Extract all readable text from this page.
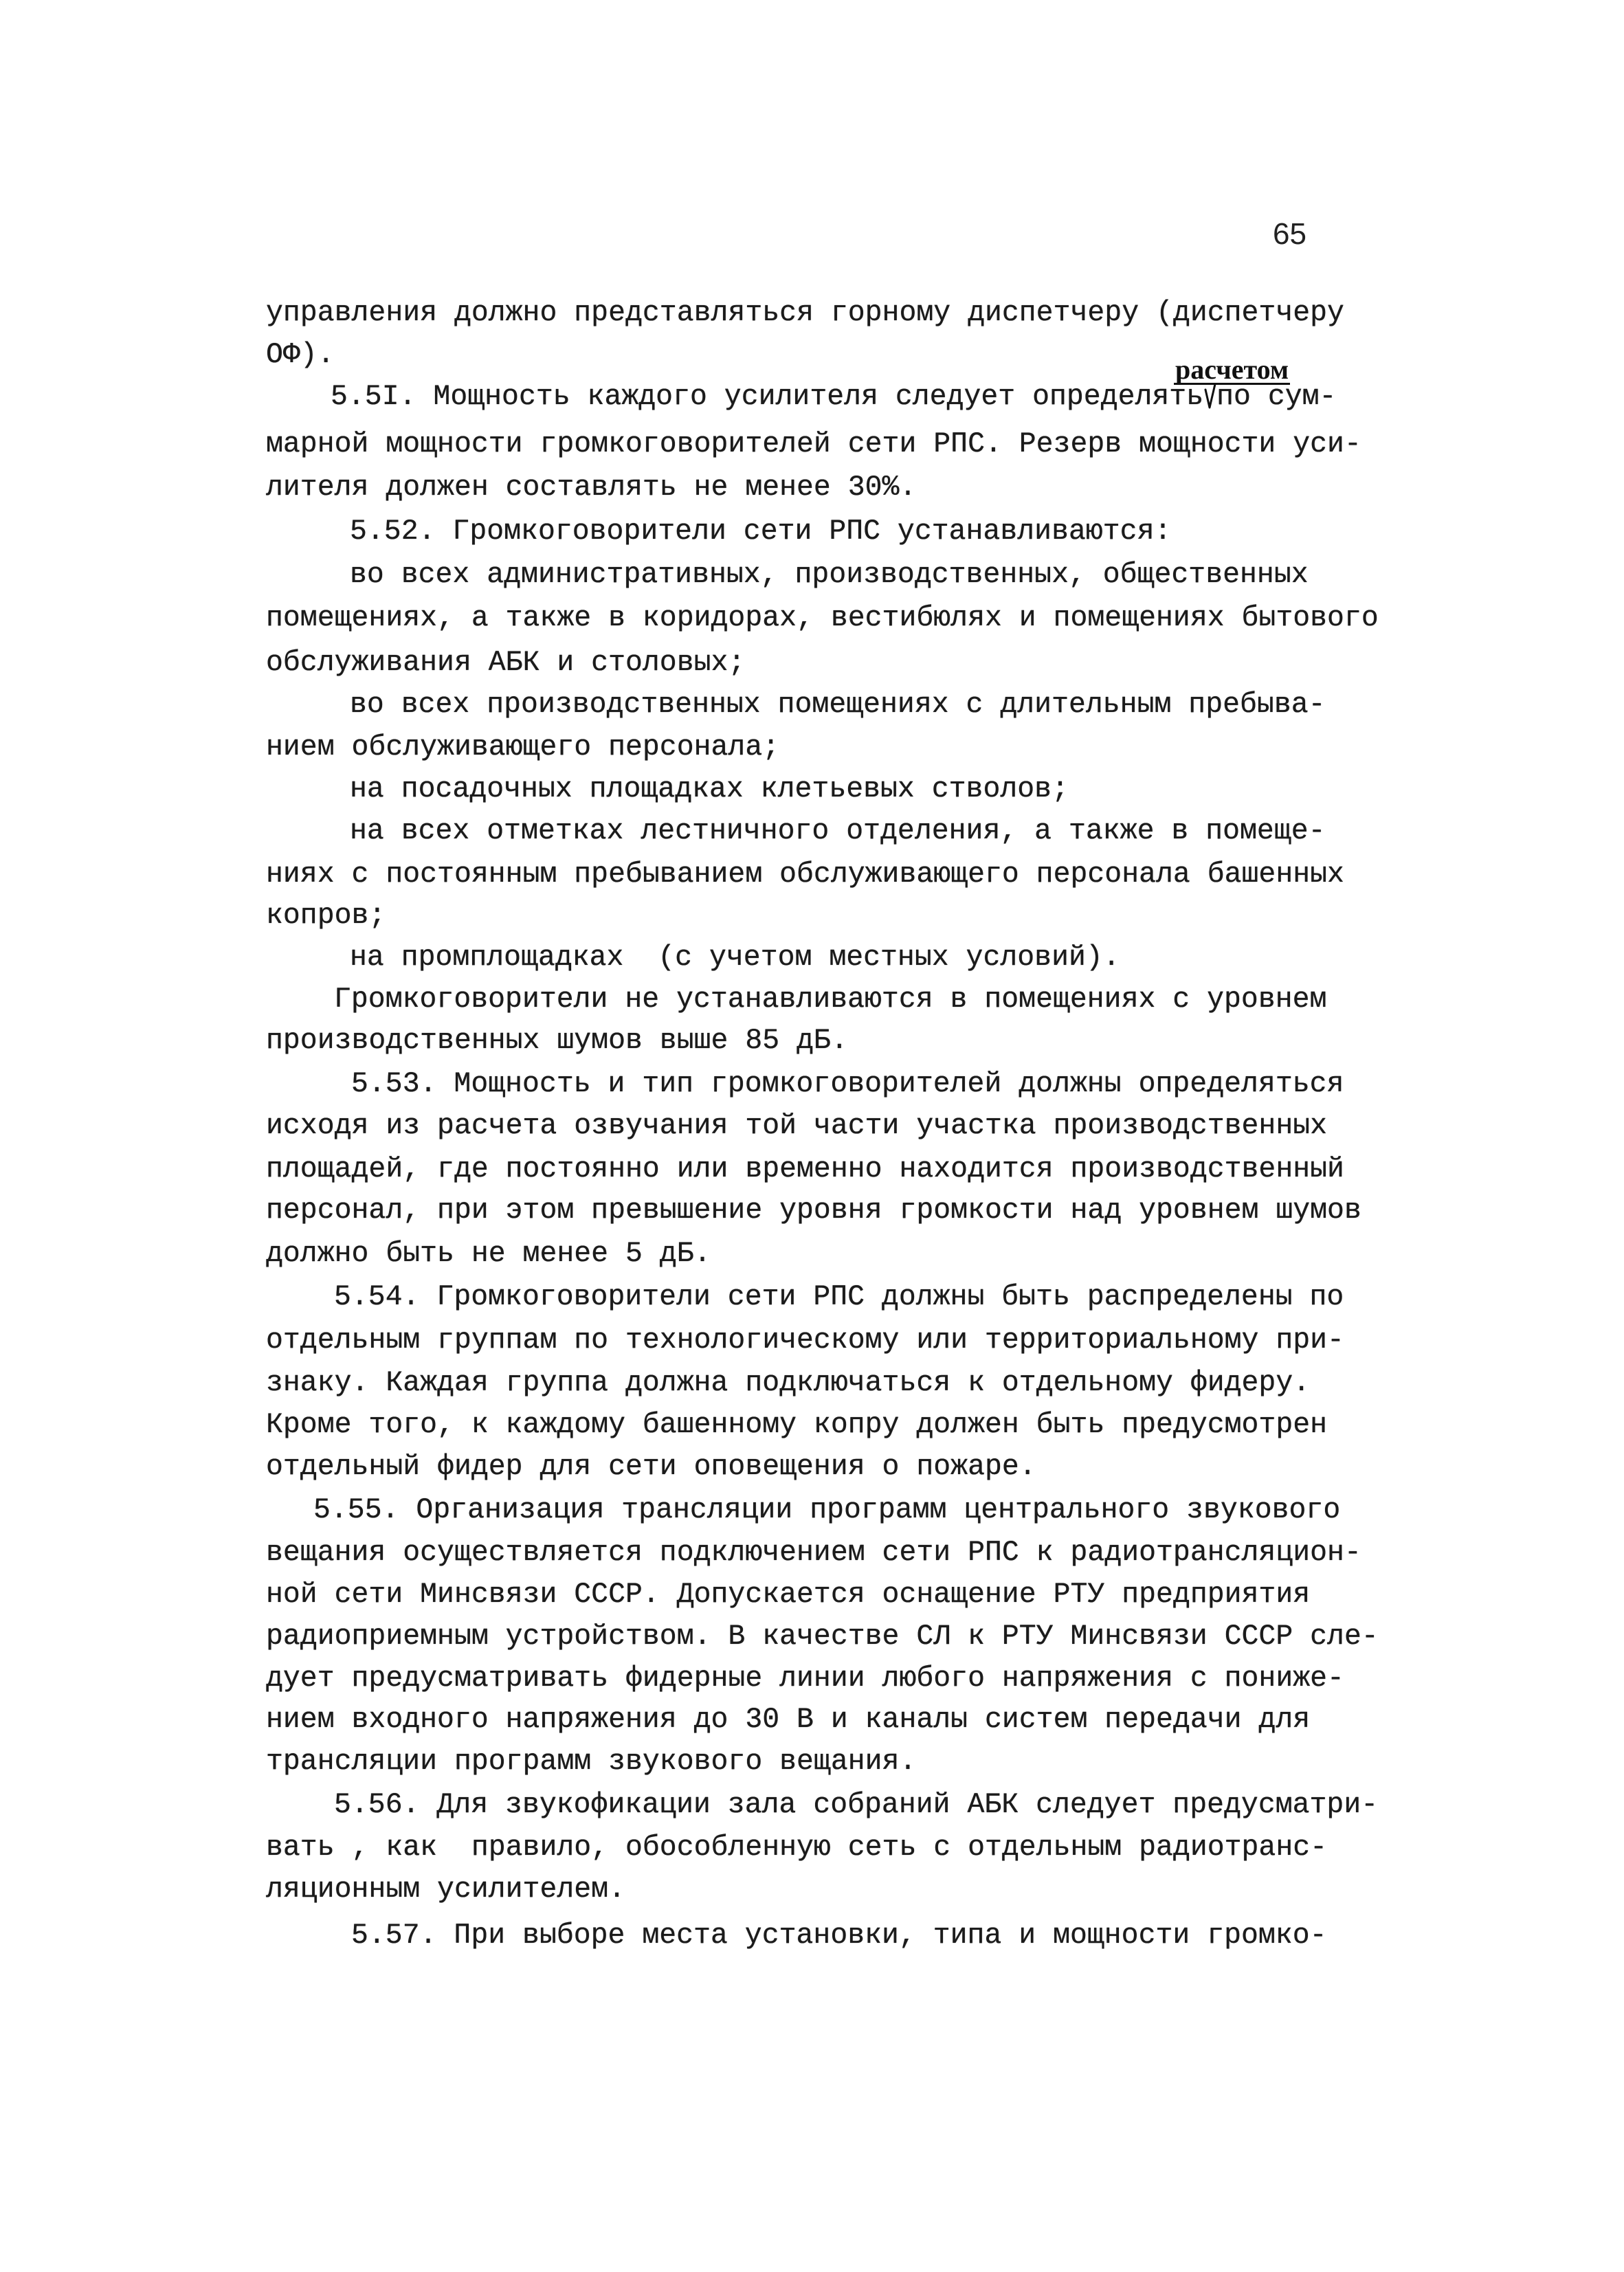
65
расчетом
управления должно представляться горному диспетчеру (диспетчеру
ОФ).
5.5I. Мощность каждого усилителя следует определять по сум-
марной мощности громкоговорителей сети РПС. Резерв мощности уси-
лителя должен составлять не менее 30%.
5.52. Громкоговорители сети РПС устанавливаются:
во всех административных, производственных, общественных
помещениях, а также в коридорах, вестибюлях и помещениях бытового
обслуживания АБК и столовых;
во всех производственных помещениях с длительным пребыва-
нием обслуживающего персонала;
на посадочных площадках клетьевых стволов;
на всех отметках лестничного отделения, а также в помеще-
ниях с постоянным пребыванием обслуживающего персонала башенных
копров;
на промплощадках  (с учетом местных условий).
Громкоговорители не устанавливаются в помещениях с уровнем
производственных шумов выше 85 дБ.
5.53. Мощность и тип громкоговорителей должны определяться
исходя из расчета озвучания той части участка производственных
площадей, где постоянно или временно находится производственный
персонал, при этом превышение уровня громкости над уровнем шумов
должно быть не менее 5 дБ.
5.54. Громкоговорители сети РПС должны быть распределены по
отдельным группам по технологическому или территориальному при-
знаку. Каждая группа должна подключаться к отдельному фидеру.
Кроме того, к каждому башенному копру должен быть предусмотрен
отдельный фидер для сети оповещения о пожаре.
5.55. Организация трансляции программ центрального звукового
вещания осуществляется подключением сети РПС к радиотрансляцион-
ной сети Минсвязи СССР. Допускается оснащение РТУ предприятия
радиоприемным устройством. В качестве СЛ к РТУ Минсвязи СССР сле-
дует предусматривать фидерные линии любого напряжения с пониже-
нием входного напряжения до 30 В и каналы систем передачи для
трансляции программ звукового вещания.
5.56. Для звукофикации зала собраний АБК следует предусматри-
вать , как  правило, обособленную сеть с отдельным радиотранс-
ляционным усилителем.
5.57. При выборе места установки, типа и мощности громко-
